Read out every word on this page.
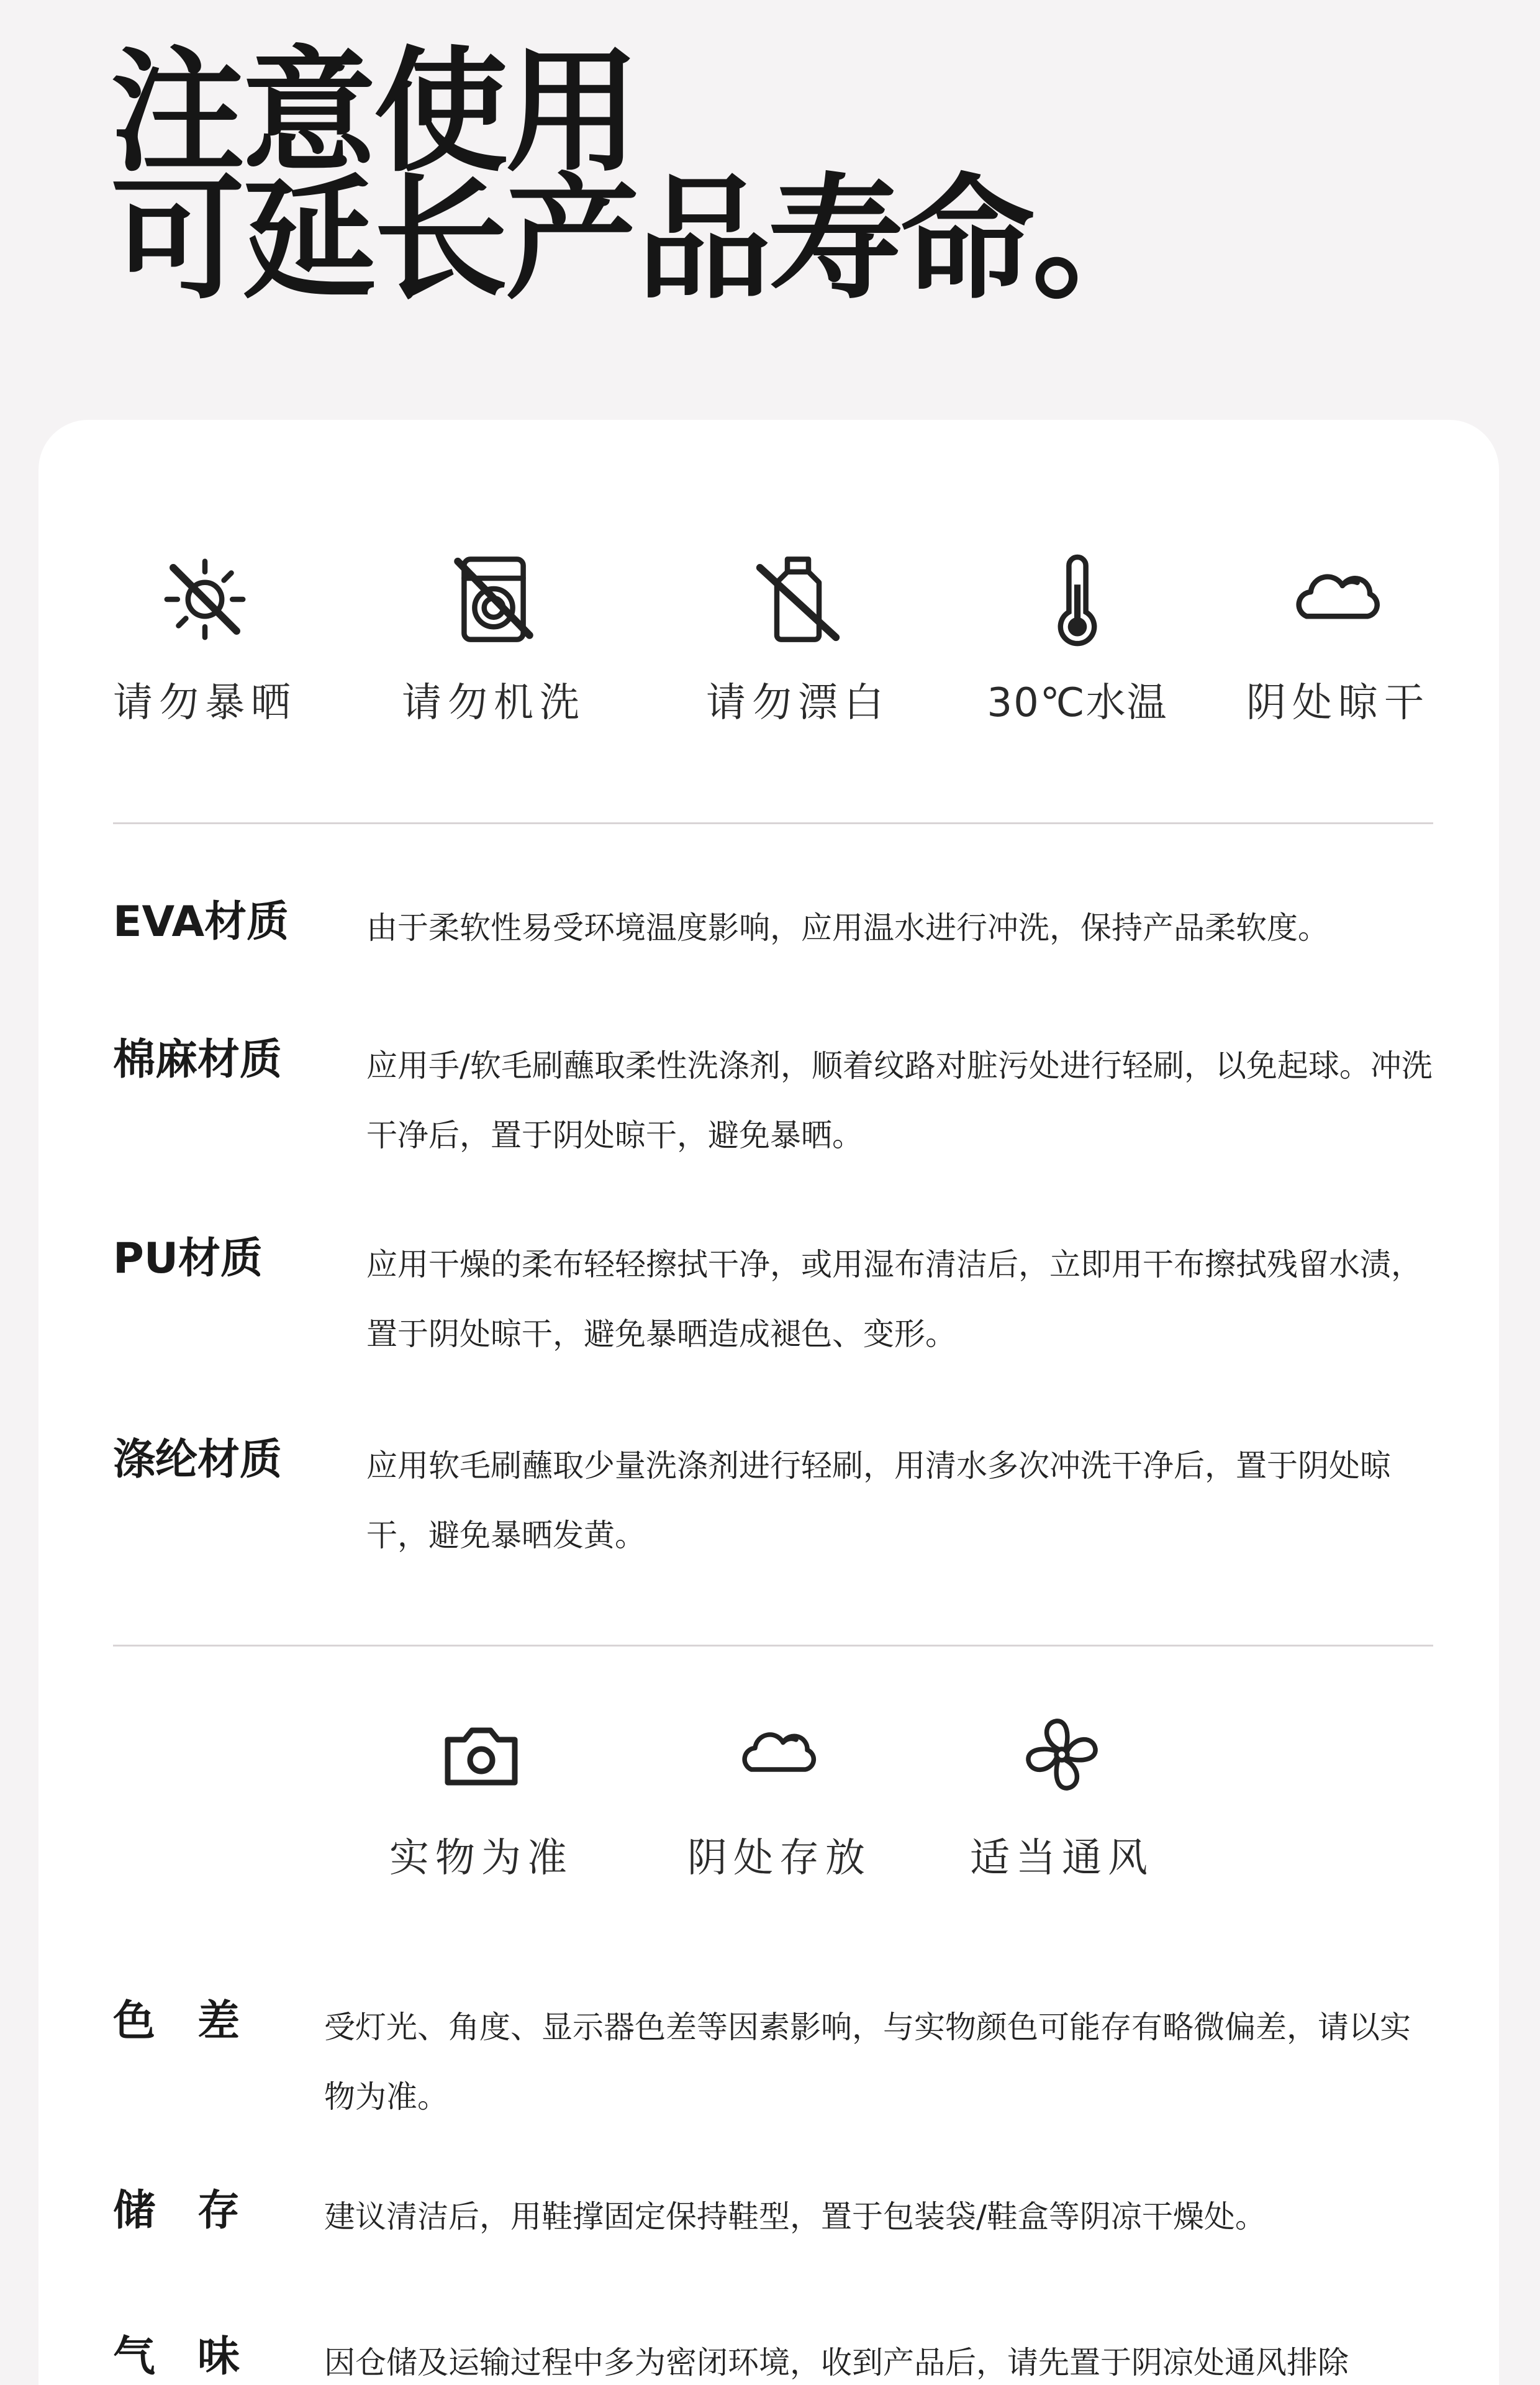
注意使用
可延长产品寿命。
请勿暴晒	请勿机洗	请勿漂白	30℃水温 阴处晾干
EVA材质 由于柔软性易受环境温度影响，应用温水进行冲洗，保持产品柔软度。
棉麻材质	应用手/软毛刷蘸取柔性洗涤剂，顺着纹路对脏污处进行轻刷，以免起球。冲洗干净后，置于阴处晾干，避免暴晒。
PU材质	应用干燥的柔布轻轻擦拭干净，或用湿布清洁后，立即用干布擦拭残留水渍，置于阴处晾干，避免暴晒造成褪色、变形。
涤纶材质	应用软毛刷蘸取少量洗涤剂进行轻刷，用清水多次冲洗干净后，置于阴处晾干，避免暴晒发黄。
实物为准	阴处存放	适当通风
色　差	受灯光、角度、显示器色差等因素影响，与实物颜色可能存有略微偏差，请以实物为准。
储　存	建议清洁后，用鞋撑固定保持鞋型，置于包装袋/鞋盒等阴凉干燥处。
气　味	因仓储及运输过程中多为密闭环境，收到产品后，请先置于阴凉处通风排除
